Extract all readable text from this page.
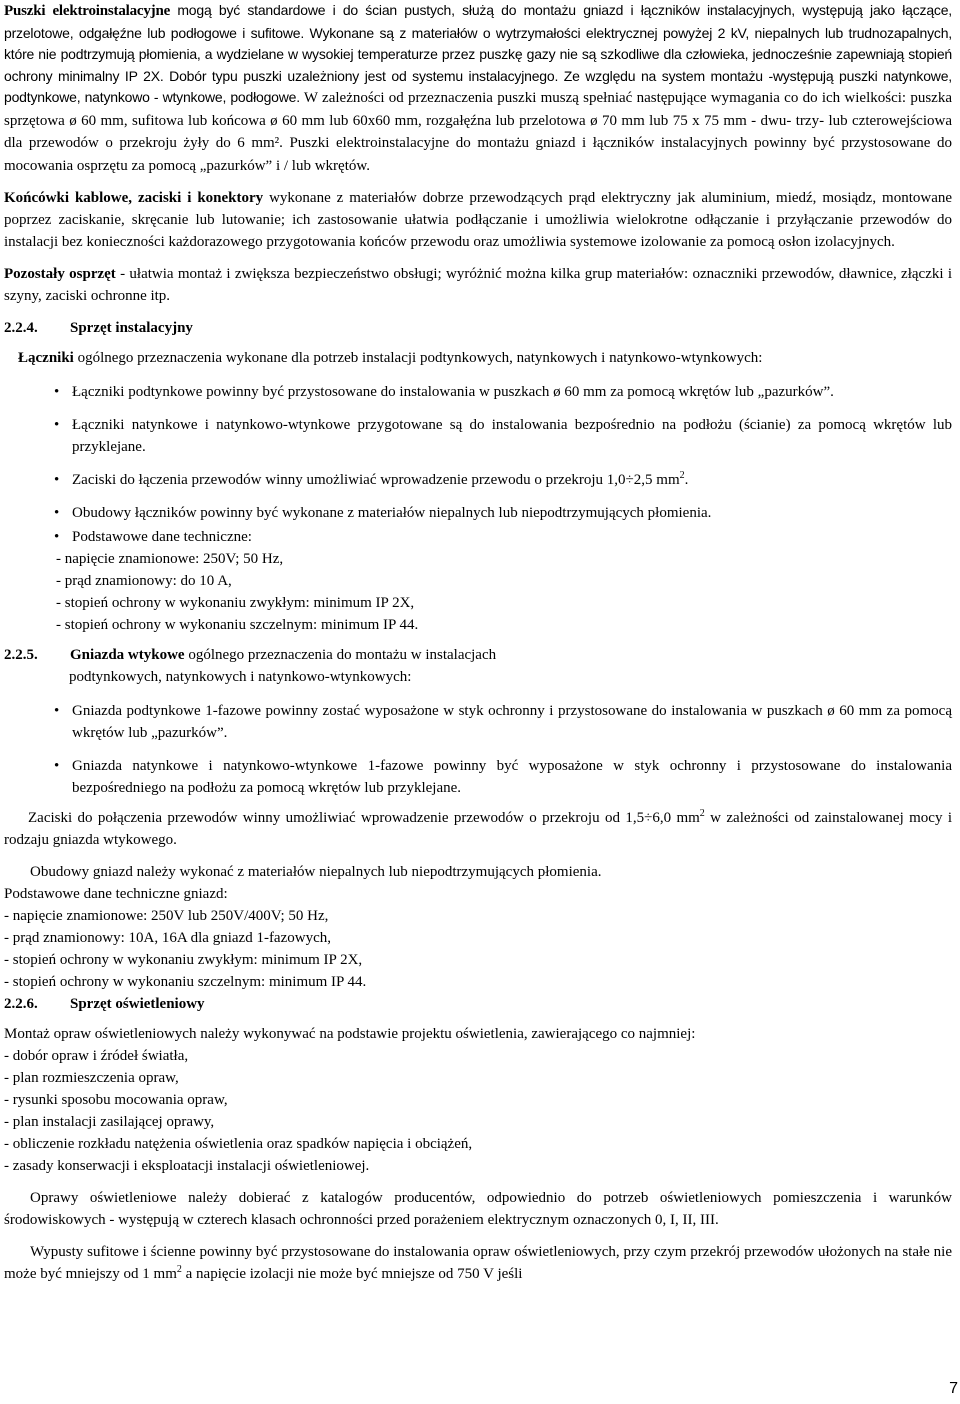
Puszki elektroinstalacyjne mogą być standardowe i do ścian pustych, służą do montażu gniazd i łączników instalacyjnych, występują jako łączące, przelotowe, odgałęźne lub podłogowe i sufitowe. Wykonane są z materiałów o wytrzymałości elektrycznej powyżej 2 kV, niepalnych lub trudnozapalnych, które nie podtrzymują płomienia, a wydzielane w wysokiej temperaturze przez puszkę gazy nie są szkodliwe dla człowieka, jednocześnie zapewniają stopień ochrony minimalny IP 2X. Dobór typu puszki uzależniony jest od systemu instalacyjnego. Ze względu na system montażu -występują puszki natynkowe, podtynkowe, natynkowo - wtynkowe, podłogowe. W zależności od przeznaczenia puszki muszą spełniać następujące wymagania co do ich wielkości: puszka sprzętowa ø 60 mm, sufitowa lub końcowa ø 60 mm lub 60x60 mm, rozgałęźna lub przelotowa ø 70 mm lub 75 x 75 mm - dwu- trzy- lub czterowejściowa dla przewodów o przekroju żyły do 6 mm². Puszki elektroinstalacyjne do montażu gniazd i łączników instalacyjnych powinny być przystosowane do mocowania osprzętu za pomocą „pazurków” i / lub wkrętów.

Końcówki kablowe, zaciski i konektory wykonane z materiałów dobrze przewodzących prąd elektryczny jak aluminium, miedź, mosiądz, montowane poprzez zaciskanie, skręcanie lub lutowanie; ich zastosowanie ułatwia podłączanie i umożliwia wielokrotne odłączanie i przyłączanie przewodów do instalacji bez konieczności każdorazowego przygotowania końców przewodu oraz umożliwia systemowe izolowanie za pomocą osłon izolacyjnych.

Pozostały osprzęt - ułatwia montaż i zwiększa bezpieczeństwo obsługi; wyróżnić można kilka grup materiałów: oznaczniki przewodów, dławnice, złączki i szyny, zaciski ochronne itp.

2.2.4. Sprzęt instalacyjny

Łączniki ogólnego przeznaczenia wykonane dla potrzeb instalacji podtynkowych, natynkowych i natynkowo-wtynkowych:

• Łączniki podtynkowe powinny być przystosowane do instalowania w puszkach ø 60 mm za pomocą wkrętów lub „pazurków”.
• Łączniki natynkowe i natynkowo-wtynkowe przygotowane są do instalowania bezpośrednio na podłożu (ścianie) za pomocą wkrętów lub przyklejane.
• Zaciski do łączenia przewodów winny umożliwiać wprowadzenie przewodu o przekroju 1,0÷2,5 $mm^2$.
• Obudowy łączników powinny być wykonane z materiałów niepalnych lub niepodtrzymujących płomienia.
• Podstawowe dane techniczne:

- napięcie znamionowe: 250V; 50 Hz,

- prąd znamionowy: do 10 A,

- stopień ochrony w wykonaniu zwykłym: minimum IP 2X,

- stopień ochrony w wykonaniu szczelnym: minimum IP 44.

2.2.5. Gniazda wtykowe ogólnego przeznaczenia do montażu w instalacjach

podtynkowych, natynkowych i natynkowo-wtynkowych:

• Gniazda podtynkowe 1-fazowe powinny zostać wyposażone w styk ochronny i przystosowane do instalowania w puszkach ø 60 mm za pomocą wkrętów lub „pazurków”.
• Gniazda natynkowe i natynkowo-wtynkowe 1-fazowe powinny być wyposażone w styk ochronny i przystosowane do instalowania bezpośredniego na podłożu za pomocą wkrętów lub przyklejane.

Zaciski do połączenia przewodów winny umożliwiać wprowadzenie przewodów o przekroju od 1,5÷6,0 $mm^2$ w zależności od zainstalowanej mocy i rodzaju gniazda wtykowego.

Obudowy gniazd należy wykonać z materiałów niepalnych lub niepodtrzymujących płomienia.

Podstawowe dane techniczne gniazd:

- napięcie znamionowe: 250V lub 250V/400V; 50 Hz,

- prąd znamionowy: 10A, 16A dla gniazd 1-fazowych,

- stopień ochrony w wykonaniu zwykłym: minimum IP 2X,

- stopień ochrony w wykonaniu szczelnym: minimum IP 44.

2.2.6. Sprzęt oświetleniowy

Montaż opraw oświetleniowych należy wykonywać na podstawie projektu oświetlenia, zawierającego co najmniej:

- dobór opraw i źródeł światła,

- plan rozmieszczenia opraw,

- rysunki sposobu mocowania opraw,

- plan instalacji zasilającej oprawy,

- obliczenie rozkładu natężenia oświetlenia oraz spadków napięcia i obciążeń,

- zasady konserwacji i eksploatacji instalacji oświetleniowej.

Oprawy oświetleniowe należy dobierać z katalogów producentów, odpowiednio do potrzeb oświetleniowych pomieszczenia i warunków środowiskowych - występują w czterech klasach ochronności przed porażeniem elektrycznym oznaczonych 0, I, II, III.

Wypusty sufitowe i ścienne powinny być przystosowane do instalowania opraw oświetleniowych, przy czym przekrój przewodów ułożonych na stałe nie może być mniejszy od 1 $mm^2$ a napięcie izolacji nie może być mniejsze od 750 V jeśli

7
